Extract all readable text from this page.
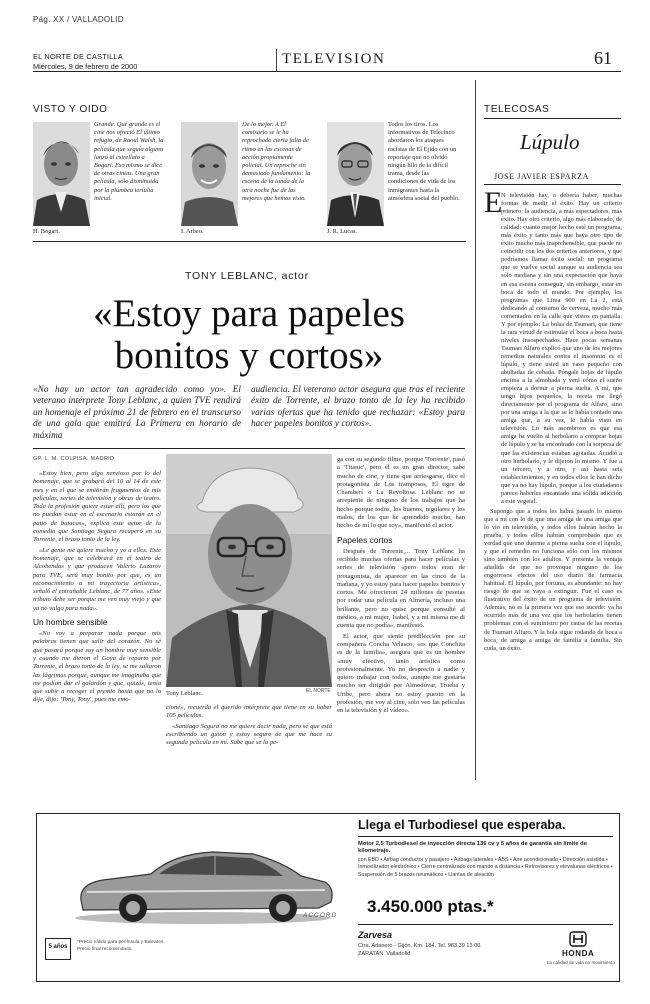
Pág. XX / VALLADOLID
EL NORTE DE CASTILLA
Miércoles, 9 de febrero de 2000	TELEVISION	61
VISTO Y OIDO
H. Bogart.
Grande. Qué grande es el cine nos ofreció El último refugio, de Raoul Walsh, la película que seguía alguno lanzó al estrellato a Bogart. Eso mismo se dice de otras cintas. Una gran película, sólo disminuida por la plúmbea tertulia inicial.
I. Arbeo.
De lo mejor. A El comisario se le ha reprochado cierta falta de ritmo en las escenas de acción propiamente policial. Un reproche sin demasiado fundamento: la escena de la tanda de la otra noche fue de las mejores que hemos visto.
J. R. Lucas.
Todos los tiros. Los informativos de Telecinco abordaron los ataques racistas de El Ejido con un reportaje que no olvidó ningún hilo de la difícil trama, desde las condiciones de vida de los inmigrantes hasta la atmósfera social del pueblo.
TELECOSAS
Lúpulo
JOSE JAVIER ESPARZA
E

N televisión hay, o debería haber, muchas formas de medir el éxito. Hay un criterio primero: la audiencia, a más espectadores, más éxito. Hay otro criterio, algo más elaborado, de calidad: cuanto mejor hecho esté un programa, más éxito y tanto más que haya otro tipo de éxito mucho más inaprehensible, que puede no coincidir con los dos criterios anteriores, y que podríamos llamar éxito social: un programa que se vuelve social aunque su audiencia sea sólo mediana y sin una expectación que haya en esa escena conseguir, sin embargo, estar en boca de todo el mundo. Por ejemplo, los programas que Lima 900 en La 2, está dedicando al consumo de cerveza, mucho más comentados en la calle que vistos en pantalla. Y por ejemplo: La bolsa de Tsumari, que tiene la rara virtud de estimular el boca a boca hasta niveles insospechados. Hace pocas semanas Tsumari Alfaro explicó que uno de los mejores remedios naturales contra el insomnio es el lúpulo, y tiene usted un vaso pequeño con abultadas de cebada. Póngale hojas de lúpulo encima a la almohada y verá cómo el sueño empieza a dormir a pierna suelta. A mí, que tengo hijos pequeños, la receta me llegó directamente por el programa de Alfaro, sino por una amiga a la que se lo había contado una amiga que, a su vez, lo había visto en televisión. Lo más asombroso es que esa amiga ha vuelto al herbolario a comprar hojas de lúpulo y se ha encontrado con la sorpresa de que las existencias estaban agotadas. Acudió a otro herbolario, y le dijeron lo mismo. Y fue a un tercero, y a otro, y así hasta seis establecimientos, y en todos ellos le han dicho que ya no hay lúpulo, porque a los ciudadanos parece haberles encantado una sólida adicción a este vegetal.

Supongo que a todos les habrá pasado lo mismo que a mí con lo de que una amiga de una amiga que lo vio en televisión, y todos ellos habrán hecho la prueba, y todos ellos habrán comprobado que es verdad que uno duerme a pierna suelta con el lúpulo, y que el remedio no funciona sólo con los mismos sino también con los adultos. Y presenta la ventaja añadida de que no provoque ninguno de los engorrosos efectos del uso diario de farmacia habitual. El lúpulo, por fortuna, es abundante: no hay riesgo de que se vaya a extinguir. Fue el caso es ilustrativo del éxito de un programa de televisión. Además, no es la primera vez que eso sucede: ya ha ocurrido más de una vez que los herbolarios tienen problemas con el suministro por causa de las recetas de Tsumari Alfaro. Y la bola sigue rodando de boca a boca, de amiga a amiga de familia a familia. Sin cuda, un éxito.

TONY LEBLANC, actor
«Estoy para papeles bonitos y cortos»
«No hay un actor tan agradecido como yo». El veterano intérprete Tony Leblanc, a quien TVE rendirá un homenaje el próximo 21 de febrero en el transcurso de una gala que emitirá La Primera en horario de máxima
audiencia. El veterano actor asegura que tras el reciente éxito de Torrente, el brazo tonto de la ley ha recibido varias ofertas que ha tenido que rechazar: «Estoy para hacer papeles bonitos y cortos».
GP. L. M. COLPISA. MADRID

«Estoy bien, pero algo nervioso por lo del homenaje, que se grabará del 10 al 14 de este mes y en el que se emitirán fragmentos de mis películas, series de televisión y obras de teatro. Toda la profesión quiere estar allí, pero los que no puedan estar en el escenario estarán en el patio de butacas», explica este actor de la comedia que Santiago Segura recuperó en su Torrente, el brazo tonto de la ley.

«Le gente me quiere mucho y yo a ellos. Este homenaje, que se celebrará en el teatro de Alcobendas y que producen Valerio Lazarov para TVE, será muy bonito por que, es un reconocimiento a mi trayectoria artística», señaló el entrañable Leblanc, de 77 años. «Este tributo debe ser porque me ven muy viejo y que ya no valgo para nada».

Un hombre sensible

«No voy a preparar nada porque mis palabras tienen que salir del corazón. No sé qué pasará porque soy un hombre muy sensible y cuando me dieron el Goya de reparto por Torrente, el brazo tonto de la ley, se me saltaron las lágrimas porque, aunque me imaginaba que me podían dar el galardón y que, quizás, tenía que subir a recoger el premio hasta que no lo dije, dijo: 'Tony, Tony', pues me emo-

Tony Leblanc.	EL NORTE

cioné», recuerda el querido intérprete que tiene en su haber 105 películas.

«Santiago Segura no me quiere decir nada, pero sé que está escribiendo un guión y estoy seguro de que me hace su segunda película en mí. Sabe que se la pe-

ga con su segundo filme, porque 'Torrente', pasó a 'Titanic', pero él es un gran director, sabe mucho de cine, y tiene que arriesgarse, dice el protagonista de Los tramposos, El tigre de Chamberí o La Revoltosa. Leblanc no se arrepiente de ninguno de los trabajos que ha hecho porque todos, los buenos, regulares y los malos, de los que he aprendido mucho, han hecho de mí lo que soy», manifestó el actor.

Papeles cortos

Después de Torrente,... Tony Leblanc ha recibido muchas ofertas para hacer películas y series de televisión «pero todos eran de protagonista, de aparecer en las cinco de la mañana, y yo estoy para hacer papeles bonitos y cortos. Me ofrecieron 24 millones de pesetas por rodar una película en Almería, incluso una brillante, pero no quise porque consulté al médico, a mi mujer, Isabel, y a mi misma me di cuenta que no podía», manifestó.

El actor, que siente predilección por su compañera Concha Velasco, «es que Conchita es de la familia», asegura que es un hombre «muy efectivo, tanto artística como profesionalmente. Yo no desprecio a nadie y quiero trabajar con todos, aunque me gustaría mucho ser dirigido por Almodóvar, Trueba y Uribe, pero ahora no estoy puesto en la profesión, me voy al cine, sólo veo las películas en la televisión y el vídeo».

Llega el Turbodiesel que esperaba.
Motor 2,5 Turbodiesel de inyección directa 136 cv y 5 años de garantía sin límite de kilometraje.
con EBD • Airbag conductor y pasajero • Airbags laterales • ABS • Aire acondicionado • Dirección asistida • Inmovilizador electrónico • Cierre centralizado con mando a distancia • Retrovisores y elevalunas eléctricos • Suspensión de 5 brazos neumáticos • Llantas de aleación
3.450.000 ptas.*
ACCORD
5 años
*Precio válido para península y Baleares.
Precio final recomendado.
Zarvesa
Ctra. Adanero - Gijón, Km. 184. Tel. 983 39 13 00.
ZARATAN. Valladolid	HONDA
La calidad de vida en movimiento
